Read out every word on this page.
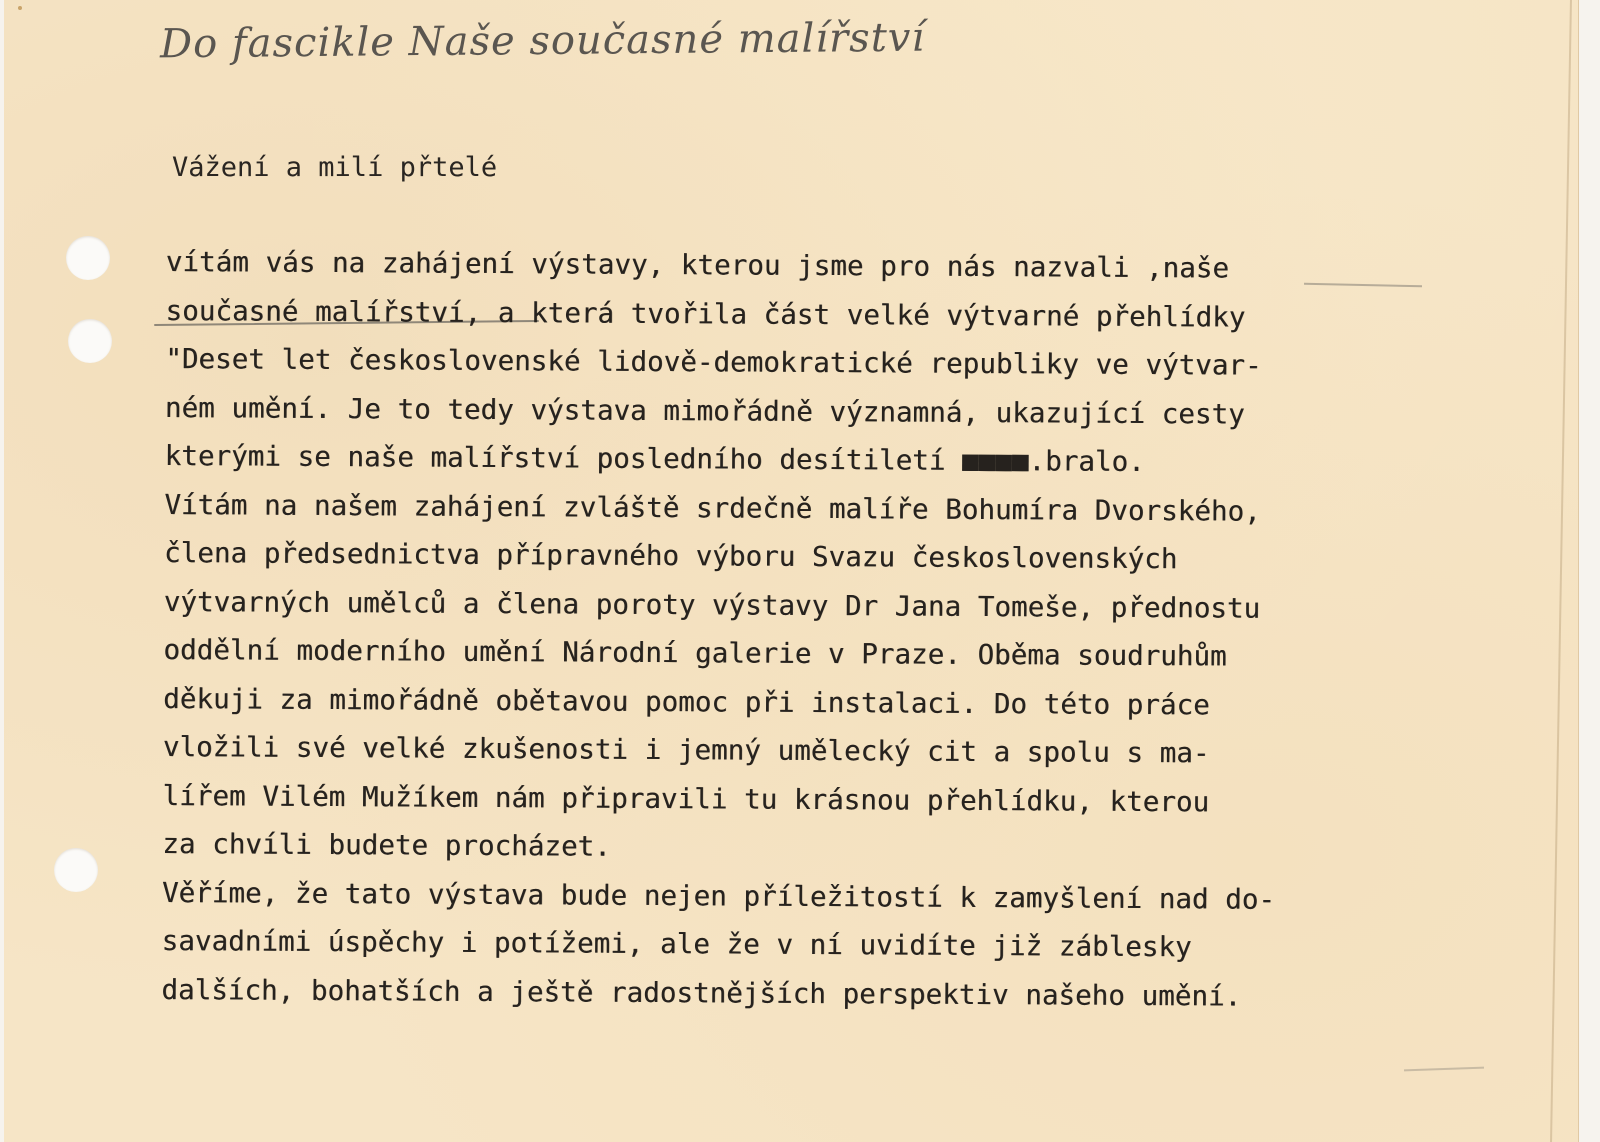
Do fascikle Naše současné malířství
Vážení a milí přtelé
vítám vás na zahájení výstavy, kterou jsme pro nás nazvali ,naše
současné malířství, a která tvořila část velké výtvarné přehlídky
"Deset let československé lidově-demokratické republiky ve výtvar-
ném umění. Je to tedy výstava mimořádně významná, ukazující cesty
kterými se naše malířství posledního desítiletí ■■■■.bralo.
Vítám na našem zahájení zvláště srdečně malíře Bohumíra Dvorského,
člena předsednictva přípravného výboru Svazu československých
výtvarných umělců a člena poroty výstavy Dr Jana Tomeše, přednostu
oddělní moderního umění Národní galerie v Praze. Oběma soudruhům
děkuji za mimořádně obětavou pomoc při instalaci. Do této práce
vložili své velké zkušenosti i jemný umělecký cit a spolu s ma-
lířem Vilém Mužíkem nám připravili tu krásnou přehlídku, kterou
za chvíli budete procházet.
Věříme, že tato výstava bude nejen příležitostí k zamyšlení nad do-
savadními úspěchy i potížemi, ale že v ní uvidíte již záblesky
dalších, bohatších a ještě radostnějších perspektiv našeho umění.
